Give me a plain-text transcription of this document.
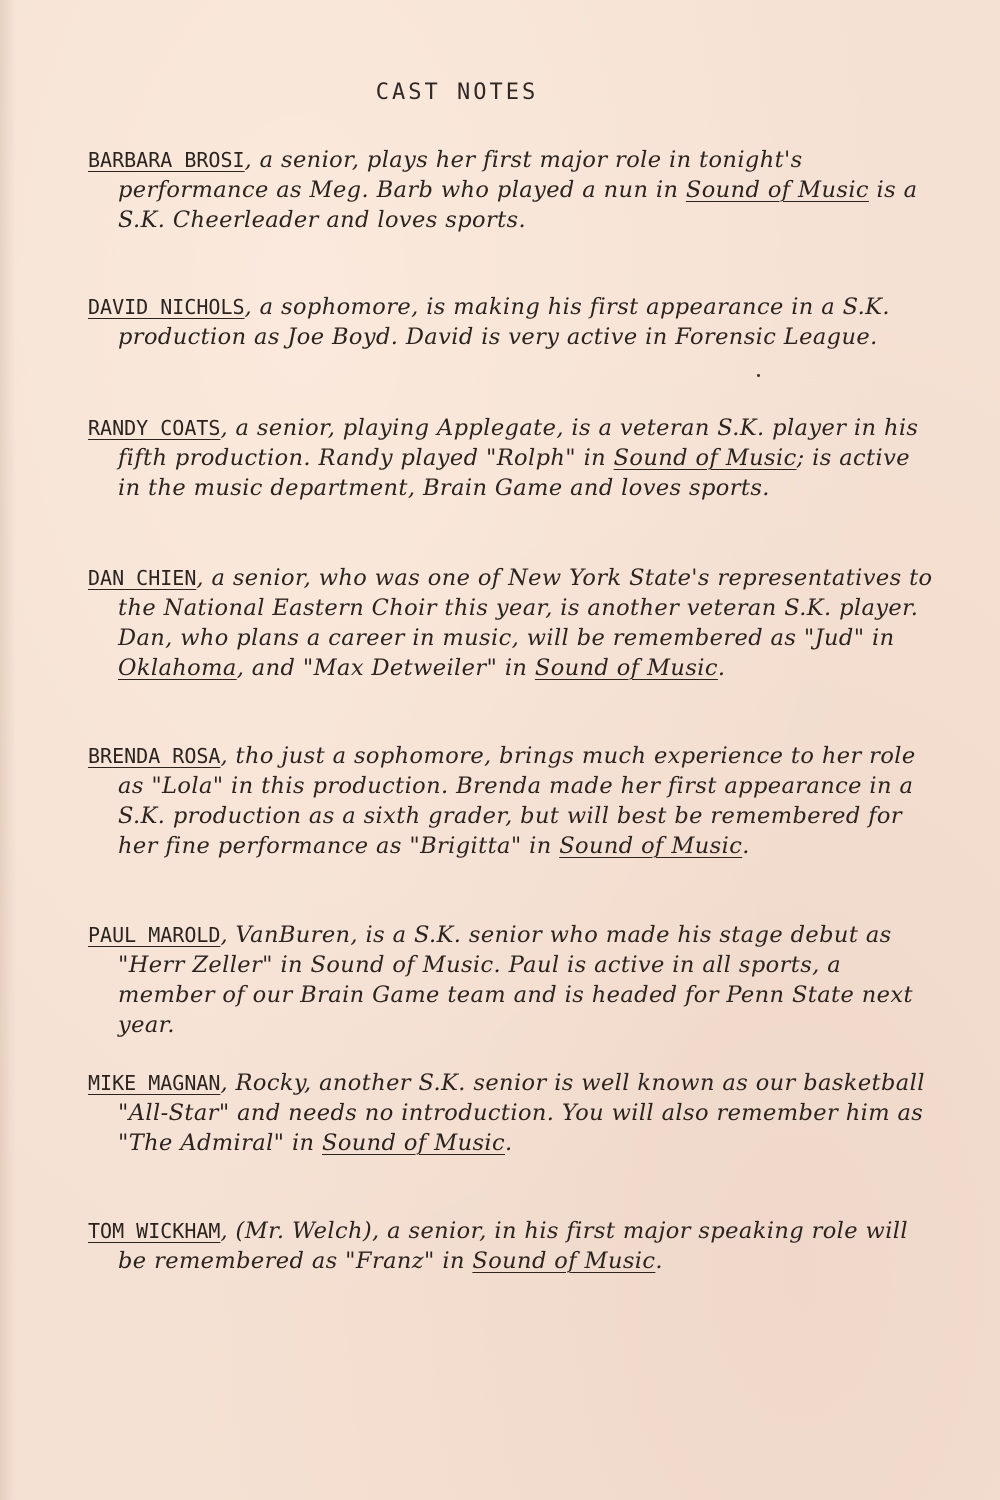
CAST NOTES

BARBARA BROSI, a senior, plays her first major role in tonight's performance as Meg. Barb who played a nun in Sound of Music is a S.K. Cheerleader and loves sports.

DAVID NICHOLS, a sophomore, is making his first appearance in a S.K. production as Joe Boyd. David is very active in Forensic League.

RANDY COATS, a senior, playing Applegate, is a veteran S.K. player in his fifth production. Randy played "Rolph" in Sound of Music; is active in the music department, Brain Game and loves sports.

DAN CHIEN, a senior, who was one of New York State's representatives to the National Eastern Choir this year, is another veteran S.K. player. Dan, who plans a career in music, will be remembered as "Jud" in Oklahoma, and "Max Detweiler" in Sound of Music.

BRENDA ROSA, tho just a sophomore, brings much experience to her role as "Lola" in this production. Brenda made her first appearance in a S.K. production as a sixth grader, but will best be remembered for her fine performance as "Brigitta" in Sound of Music.

PAUL MAROLD, VanBuren, is a S.K. senior who made his stage debut as "Herr Zeller" in Sound of Music. Paul is active in all sports, a member of our Brain Game team and is headed for Penn State next year.

MIKE MAGNAN, Rocky, another S.K. senior is well known as our basketball "All-Star" and needs no introduction. You will also remember him as "The Admiral" in Sound of Music.

TOM WICKHAM, (Mr. Welch), a senior, in his first major speaking role will be remembered as "Franz" in Sound of Music.
